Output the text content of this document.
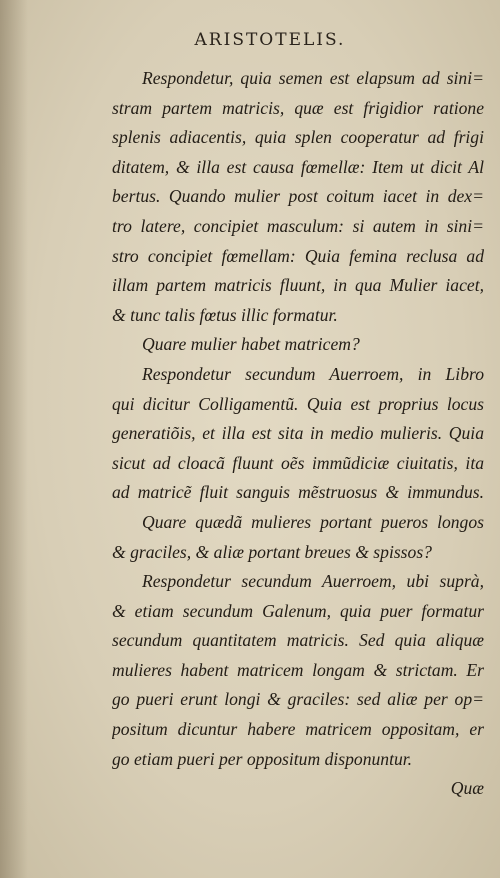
ARISTOTELIS.
Respondetur, quia semen est elapsum ad sini=
stram partem matricis, quæ est frigidior ratione
splenis adiacentis, quia splen cooperatur ad frigi
ditatem, & illa est causa fœmellæ: Item ut dicit Al
bertus. Quando mulier post coitum iacet in dex=
tro latere, concipiet masculum: si autem in sini=
stro concipiet fœmellam: Quia femina reclusa ad
illam partem matricis fluunt, in qua Mulier iacet,
& tunc talis fœtus illic formatur.
Quare mulier habet matricem?
Respondetur secundum Auerroem, in Libro
qui dicitur Colligamentũ. Quia est proprius locus
generatiõis, et illa est sita in medio mulieris. Quia
sicut ad cloacã fluunt oẽs immũdiciæ ciuitatis, ita
ad matricẽ fluit sanguis mẽstruosus & immundus.
Quare quædã mulieres portant pueros longos
& graciles, & aliæ portant breues & spissos?
Respondetur secundum Auerroem, ubi suprà,
& etiam secundum Galenum, quia puer formatur
secundum quantitatem matricis. Sed quia aliquæ
mulieres habent matricem longam & strictam. Er
go pueri erunt longi & graciles: sed aliæ per op=
positum dicuntur habere matricem oppositam, er
go etiam pueri per oppositum disponuntur.
Quæ
